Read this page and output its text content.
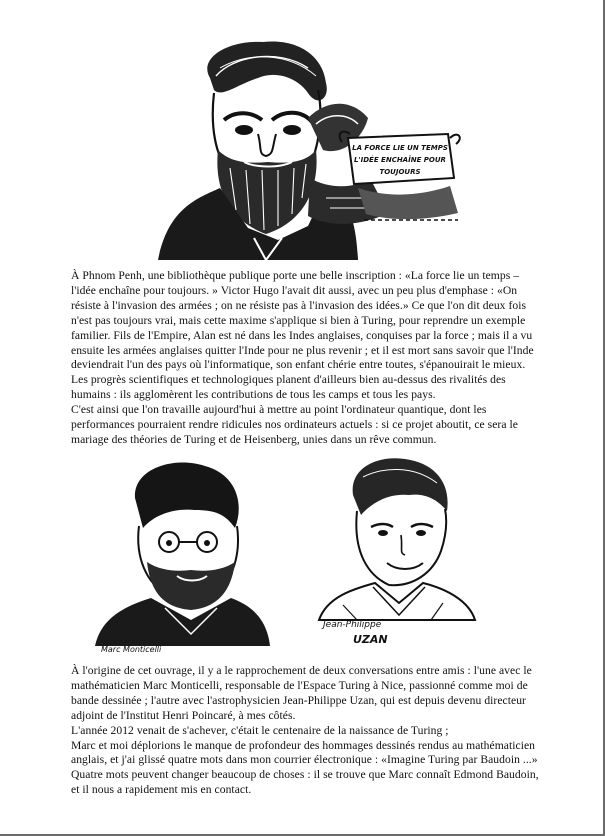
LA FORCE LIE UN TEMPS
L'IDÉE ENCHAÎNE POUR
TOUJOURS

À Phnom Penh, une bibliothèque publique porte une belle inscription : «La force lie un temps – l'idée enchaîne pour toujours. » Victor Hugo l'avait dit aussi, avec un peu plus d'emphase : «On résiste à l'invasion des armées ; on ne résiste pas à l'invasion des idées.» Ce que l'on dit deux fois n'est pas toujours vrai, mais cette maxime s'applique si bien à Turing, pour reprendre un exemple familier. Fils de l'Empire, Alan est né dans les Indes anglaises, conquises par la force ; mais il a vu ensuite les armées anglaises quitter l'Inde pour ne plus revenir ; et il est mort sans savoir que l'Inde deviendrait l'un des pays où l'informatique, son enfant chérie entre toutes, s'épanouirait le mieux.

Les progrès scientifiques et technologiques planent d'ailleurs bien au-dessus des rivalités des humains : ils agglomèrent les contributions de tous les camps et tous les pays.

C'est ainsi que l'on travaille aujourd'hui à mettre au point l'ordinateur quantique, dont les performances pourraient rendre ridicules nos ordinateurs actuels : si ce projet aboutit, ce sera le mariage des théories de Turing et de Heisenberg, unies dans un rêve commun.

Marc Monticelli
Jean-Philippe
UZAN

À l'origine de cet ouvrage, il y a le rapprochement de deux conversations entre amis : l'une avec le mathématicien Marc Monticelli, responsable de l'Espace Turing à Nice, passionné comme moi de bande dessinée ; l'autre avec l'astrophysicien Jean-Philippe Uzan, qui est depuis devenu directeur adjoint de l'Institut Henri Poincaré, à mes côtés.

L'année 2012 venait de s'achever, c'était le centenaire de la naissance de Turing ;

Marc et moi déplorions le manque de profondeur des hommages dessinés rendus au mathématicien anglais, et j'ai glissé quatre mots dans mon courrier électronique : «Imagine Turing par Baudoin ...» Quatre mots peuvent changer beaucoup de choses : il se trouve que Marc connaît Edmond Baudoin, et il nous a rapidement mis en contact.
